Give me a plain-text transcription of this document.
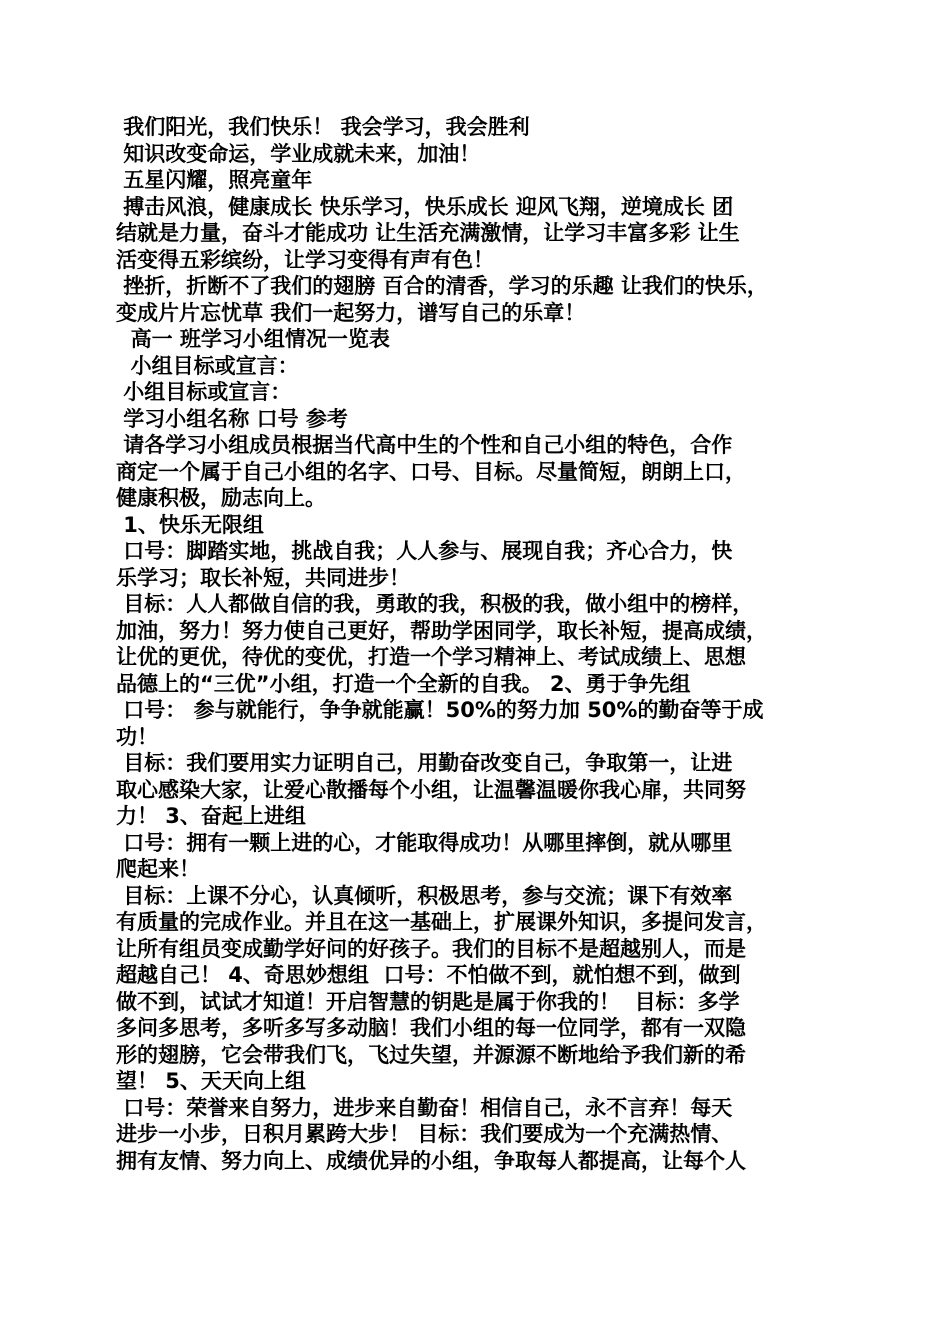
我们阳光，我们快乐！ 我会学习，我会胜利
知识改变命运，学业成就未来，加油！
五星闪耀，照亮童年
搏击风浪，健康成长 快乐学习，快乐成长 迎风飞翔，逆境成长 团
结就是力量，奋斗才能成功 让生活充满激情，让学习丰富多彩 让生
活变得五彩缤纷，让学习变得有声有色！
挫折，折断不了我们的翅膀 百合的清香，学习的乐趣 让我们的快乐，
变成片片忘忧草 我们一起努力，谱写自己的乐章！
高一 班学习小组情况一览表
小组目标或宣言：
小组目标或宣言：
学习小组名称 口号 参考
请各学习小组成员根据当代高中生的个性和自己小组的特色，合作
商定一个属于自己小组的名字、口号、目标。尽量简短，朗朗上口，
健康积极，励志向上。
1、快乐无限组
口号：脚踏实地，挑战自我；人人参与、展现自我；齐心合力，快
乐学习；取长补短，共同进步！
目标：人人都做自信的我，勇敢的我，积极的我，做小组中的榜样，
加油，努力！努力使自己更好，帮助学困同学，取长补短，提高成绩，
让优的更优，待优的变优，打造一个学习精神上、考试成绩上、思想
品德上的“三优”小组，打造一个全新的自我。 2、勇于争先组
口号： 参与就能行，争争就能赢！50%的努力加 50%的勤奋等于成
功！
目标：我们要用实力证明自己，用勤奋改变自己，争取第一，让进
取心感染大家，让爱心散播每个小组，让温馨温暖你我心扉，共同努
力！ 3、奋起上进组
口号：拥有一颗上进的心，才能取得成功！从哪里摔倒，就从哪里
爬起来！
目标：上课不分心，认真倾听，积极思考，参与交流；课下有效率
有质量的完成作业。并且在这一基础上，扩展课外知识，多提问发言，
让所有组员变成勤学好问的好孩子。我们的目标不是超越别人，而是
超越自己！ 4、奇思妙想组  口号：不怕做不到，就怕想不到，做到
做不到，试试才知道！开启智慧的钥匙是属于你我的！  目标：多学
多问多思考，多听多写多动脑！我们小组的每一位同学，都有一双隐
形的翅膀，它会带我们飞，飞过失望，并源源不断地给予我们新的希
望！ 5、天天向上组
口号：荣誉来自努力，进步来自勤奋！相信自己，永不言弃！每天
进步一小步，日积月累跨大步！ 目标：我们要成为一个充满热情、
拥有友情、努力向上、成绩优异的小组，争取每人都提高，让每个人
